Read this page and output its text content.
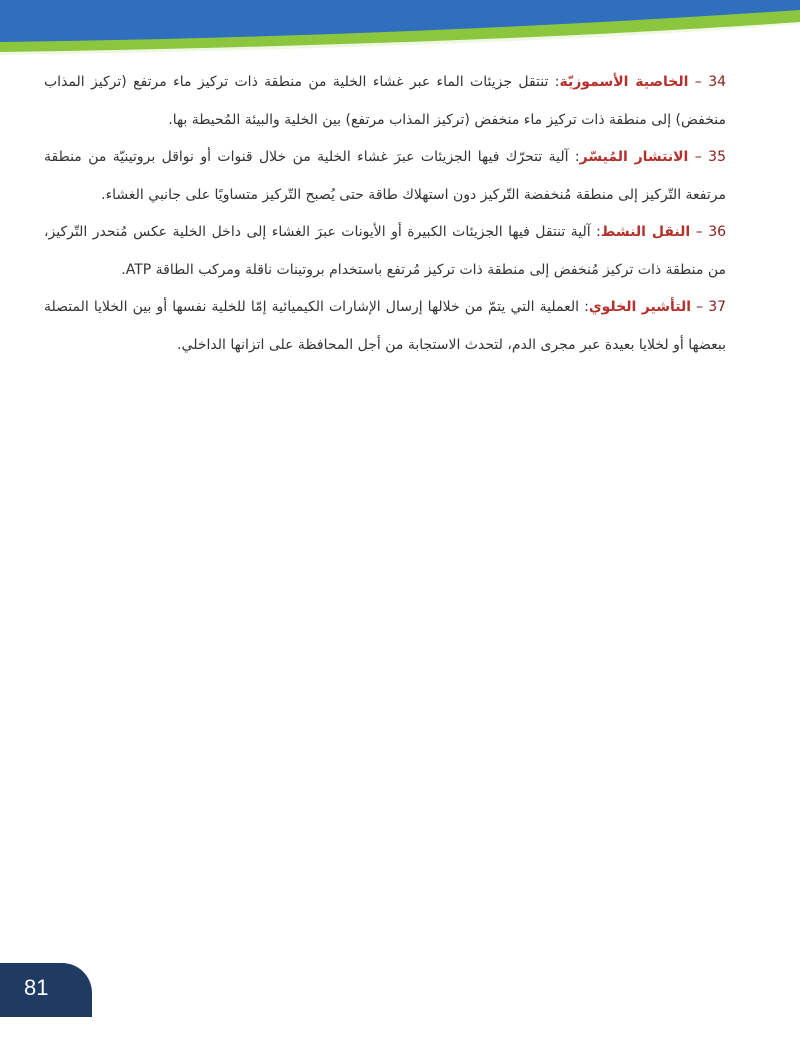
34 – الخاصية الأسموزيّة: تنتقل جزيئات الماء عبر غشاء الخلية من منطقة ذات تركيز ماء مرتفع (تركيز المذاب منخفض) إلى منطقة ذات تركيز ماء منخفض (تركيز المذاب مرتفع) بين الخلية والبيئة المُحيطة بها.

35 – الانتشار المُيسّر: آلية تتحرّك فيها الجزيئات عبرَ غشاء الخلية من خلال قنوات أو نواقل بروتينيّة من منطقة مرتفعة التّركيز إلى منطقة مُنخفضة التّركيز دون استهلاك طاقة حتى يُصبح التّركيز متساويًا على جانبي الغشاء.

36 – النقل النشط: آلية تنتقل فيها الجزيئات الكبيرة أو الأيونات عبرَ الغشاء إلى داخل الخلية عكس مُنحدر التّركيز، من منطقة ذات تركيز مُنخفض إلى منطقة ذات تركيز مُرتفع باستخدام بروتينات ناقلة ومركب الطاقة ATP.

37 – التأشير الخلوي: العملية التي يتمّ من خلالها إرسال الإشارات الكيميائية إمّا للخلية نفسها أو بين الخلايا المتصلة ببعضها أو لخلايا بعيدة عبر مجرى الدم، لتحدث الاستجابة من أجل المحافظة على اتزانها الداخلي.

81
